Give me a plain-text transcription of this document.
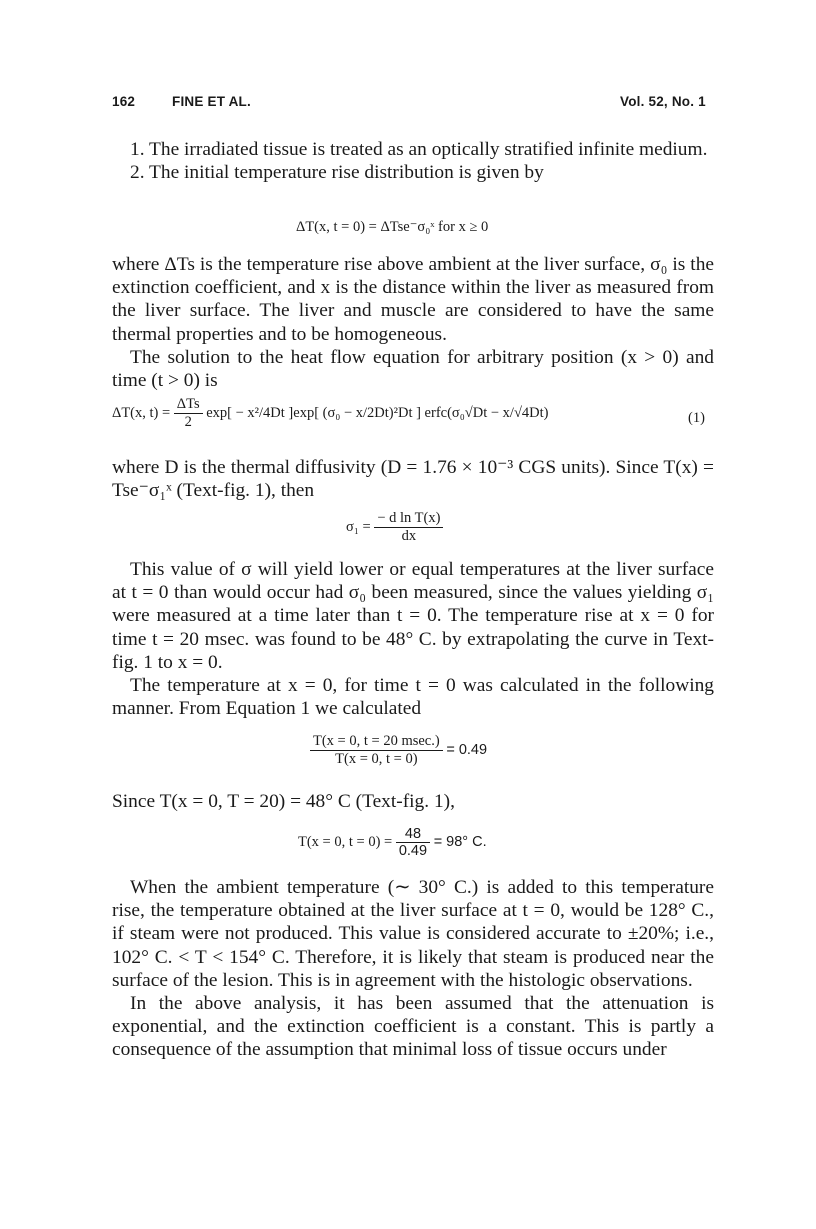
162	FINE ET AL.	Vol. 52, No. 1

1. The irradiated tissue is treated as an optically stratified infinite medium.

2. The initial temperature rise distribution is given by

ΔT(x, t = 0) = ΔTse⁻σ₀ˣ for x ≥ 0

where ΔTs is the temperature rise above ambient at the liver surface, σ₀ is the extinction coefficient, and x is the distance within the liver as measured from the liver surface. The liver and muscle are considered to have the same thermal properties and to be homogeneous.

The solution to the heat flow equation for arbitrary position (x > 0) and time (t > 0) is

ΔT(x, $t) = \frac{\text{ΔTs}}{2} \exp[ - x^2/4Dt$ ]exp[ (σ₀ − x/2Dt)²Dt ] erfc(σ₀√Dt − x/√4Dt)	(1)
where D is the thermal diffusivity (D = 1.76 × 10⁻³ CGS units). Since T(x) = Tse⁻σ₁ˣ (Text-fig. 1), then
$\sigma_1 = \frac{\text{− d ln T(x)}}{dx}$

This value of σ will yield lower or equal temperatures at the liver surface at t = 0 than would occur had σ₀ been measured, since the values yielding σ₁ were measured at a time later than t = 0. The temperature rise at x = 0 for time t = 20 msec. was found to be 48° C. by extrapolating the curve in Text-fig. 1 to x = 0.

The temperature at x = 0, for time t = 0 was calculated in the following manner. From Equation 1 we calculated

$\frac{T(x = 0, t = 20 msec.)}{T(x = 0, t = 0)} = 0.49$
Since T(x = 0, T = 20) = 48° C (Text-fig. 1),
T(x = 0, $t = 0) = \frac{48}{0.49} = 98^\circ$ C.

When the ambient temperature (∼ 30° C.) is added to this temperature rise, the temperature obtained at the liver surface at t = 0, would be 128° C., if steam were not produced. This value is considered accurate to ±20%; i.e., 102° C. < T < 154° C. Therefore, it is likely that steam is produced near the surface of the lesion. This is in agreement with the histologic observations.

In the above analysis, it has been assumed that the attenuation is exponential, and the extinction coefficient is a constant. This is partly a consequence of the assumption that minimal loss of tissue occurs under
